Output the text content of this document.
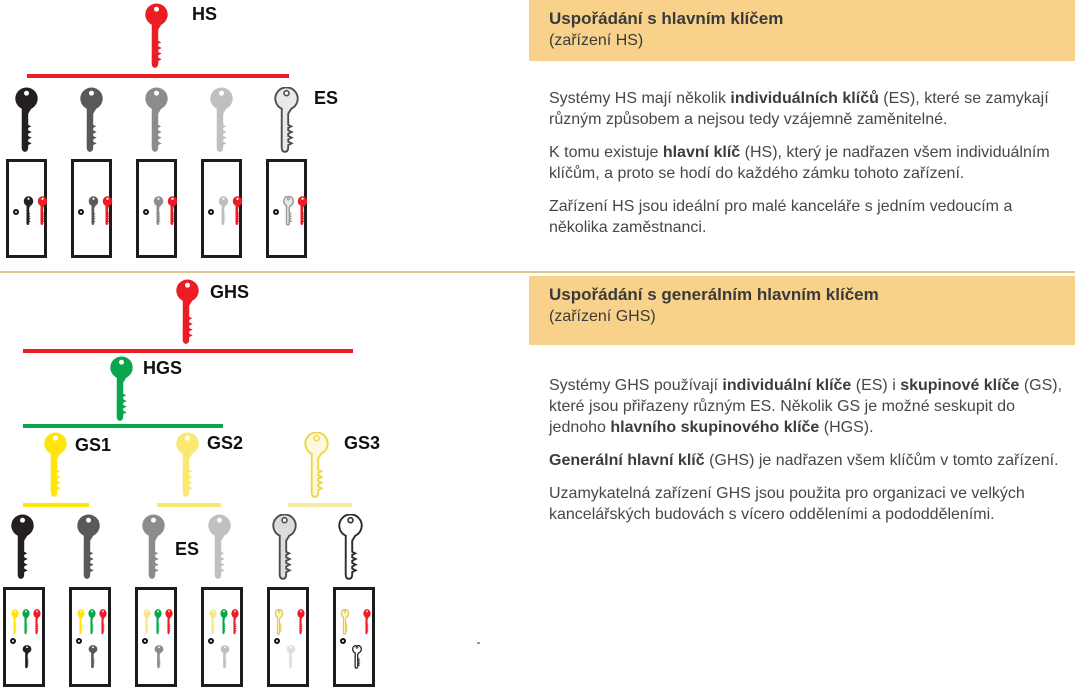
HS
ES
GHS
HGS
GS1	GS2	GS3
ES
Uspořádání s hlavním klíčem
(zařízení HS)

Systémy HS mají několik individuálních klíčů (ES), které se zamykají různým způsobem a nejsou tedy vzájemně zaměnitelné.

K tomu existuje hlavní klíč (HS), který je nadřazen všem individuálním klíčům, a proto se hodí do každého zámku tohoto zařízení.

Zařízení HS jsou ideální pro malé kanceláře s jedním vedoucím a několika zaměstnanci.

Uspořádání s generálním hlavním klíčem
(zařízení GHS)

Systémy GHS používají individuální klíče (ES) i skupinové klíče (GS), které jsou přiřazeny různým ES. Několik GS je možné seskupit do jednoho hlavního skupinového klíče (HGS).

Generální hlavní klíč (GHS) je nadřazen všem klíčům v tomto zařízení.

Uzamykatelná zařízení GHS jsou použita pro organizaci ve velkých kancelářských budovách s vícero odděleními a pododděleními.
